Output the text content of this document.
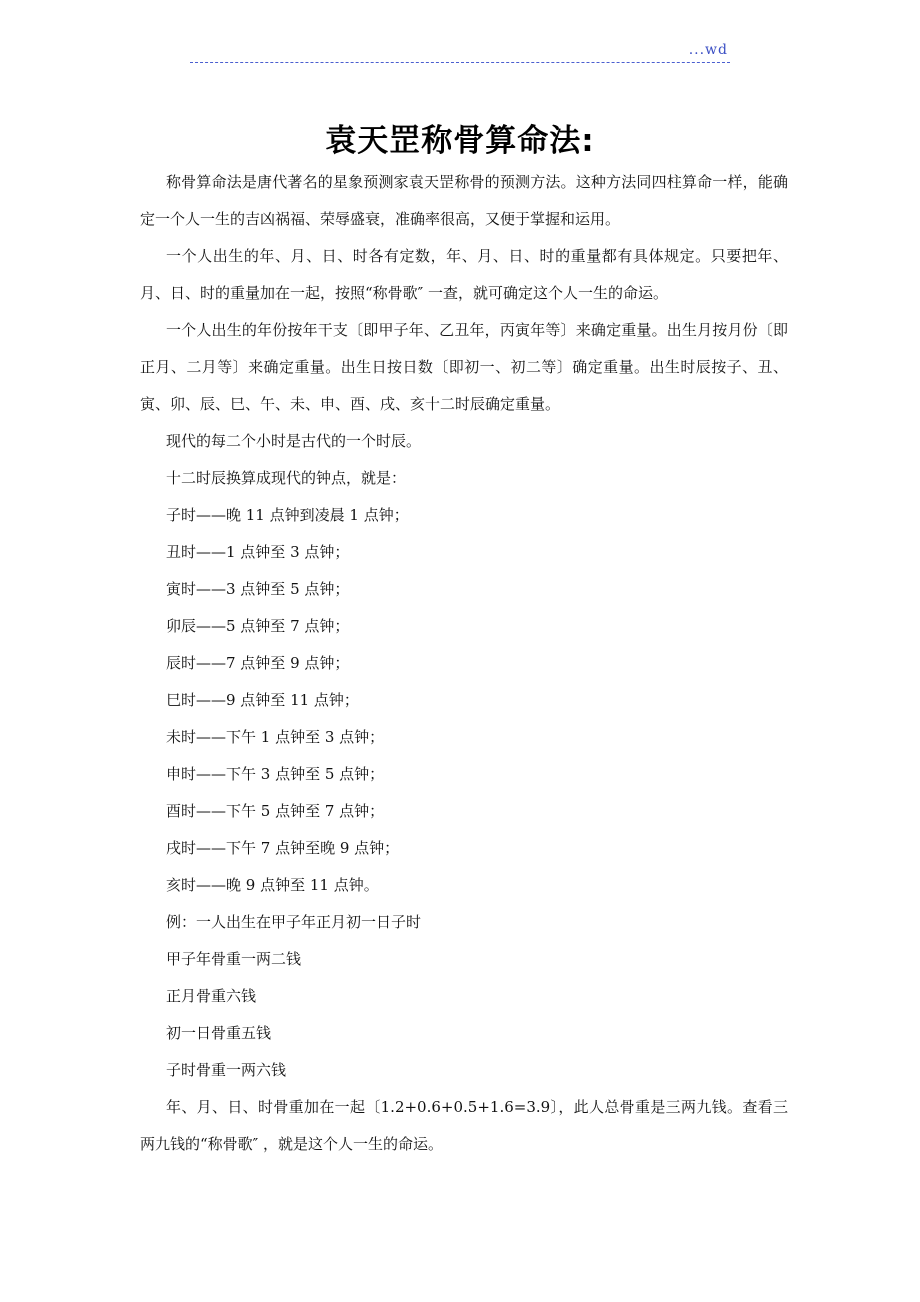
...wd
袁天罡称骨算命法:

称骨算命法是唐代著名的星象预测家袁天罡称骨的预测方法。这种方法同四柱算命一样，能确定一个人一生的吉凶祸福、荣辱盛衰，准确率很高，又便于掌握和运用。

一个人出生的年、月、日、时各有定数，年、月、日、时的重量都有具体规定。只要把年、月、日、时的重量加在一起，按照“称骨歌″ 一查，就可确定这个人一生的命运。

一个人出生的年份按年干支〔即甲子年、乙丑年，丙寅年等〕来确定重量。出生月按月份〔即正月、二月等〕来确定重量。出生日按日数〔即初一、初二等〕确定重量。出生时辰按子、丑、寅、卯、辰、巳、午、未、申、酉、戌、亥十二时辰确定重量。

现代的每二个小时是古代的一个时辰。

十二时辰换算成现代的钟点，就是：

子时——晚 11 点钟到凌晨 1 点钟；

丑时——1 点钟至 3 点钟；

寅时——3 点钟至 5 点钟；

卯辰——5 点钟至 7 点钟；

辰时——7 点钟至 9 点钟；

巳时——9 点钟至 11 点钟；

未时——下午 1 点钟至 3 点钟；

申时——下午 3 点钟至 5 点钟；

酉时——下午 5 点钟至 7 点钟；

戌时——下午 7 点钟至晚 9 点钟；

亥时——晚 9 点钟至 11 点钟。

例：一人出生在甲子年正月初一日子时

甲子年骨重一两二钱

正月骨重六钱

初一日骨重五钱

子时骨重一两六钱

年、月、日、时骨重加在一起〔1.2+0.6+0.5+1.6=3.9〕，此人总骨重是三两九钱。查看三两九钱的“称骨歌″ ，就是这个人一生的命运。
